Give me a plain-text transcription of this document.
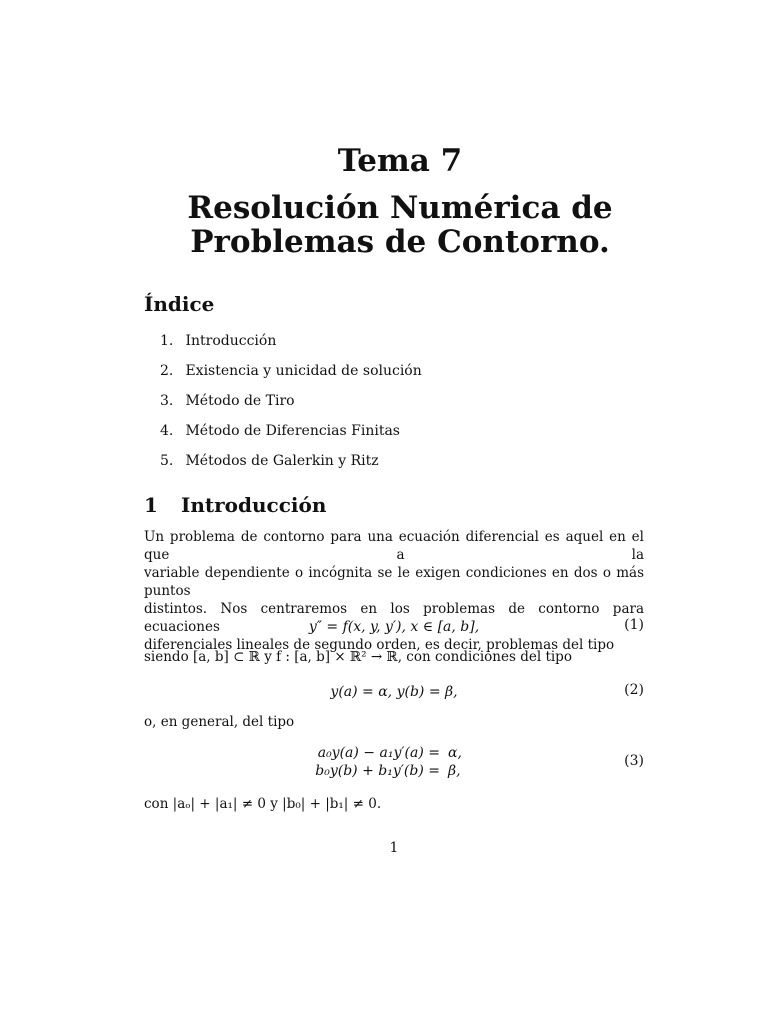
Tema 7
Resolución Numérica de
Problemas de Contorno.
Índice
1. Introducción
2. Existencia y unicidad de solución
3. Método de Tiro
4. Método de Diferencias Finitas
5. Métodos de Galerkin y Ritz
1 Introducción
Un problema de contorno para una ecuación diferencial es aquel en el que a la
variable dependiente o incógnita se le exigen condiciones en dos o más puntos
distintos. Nos centraremos en los problemas de contorno para ecuaciones
diferenciales lineales de segundo orden, es decir, problemas del tipo
y″ = f(x, y, y′), x ∈ [a, b],	(1)
siendo [a, b] ⊂ ℝ y f : [a, b] × ℝ² → ℝ, con condiciones del tipo
y(a) = α, y(b) = β,	(2)
o, en general, del tipo
a₀y(a) − a₁y′(a) = α,
b₀y(b) + b₁y′(b) = β,
(3)
con |aₒ| + |a₁| ≠ 0 y |b₀| + |b₁| ≠ 0.
1
